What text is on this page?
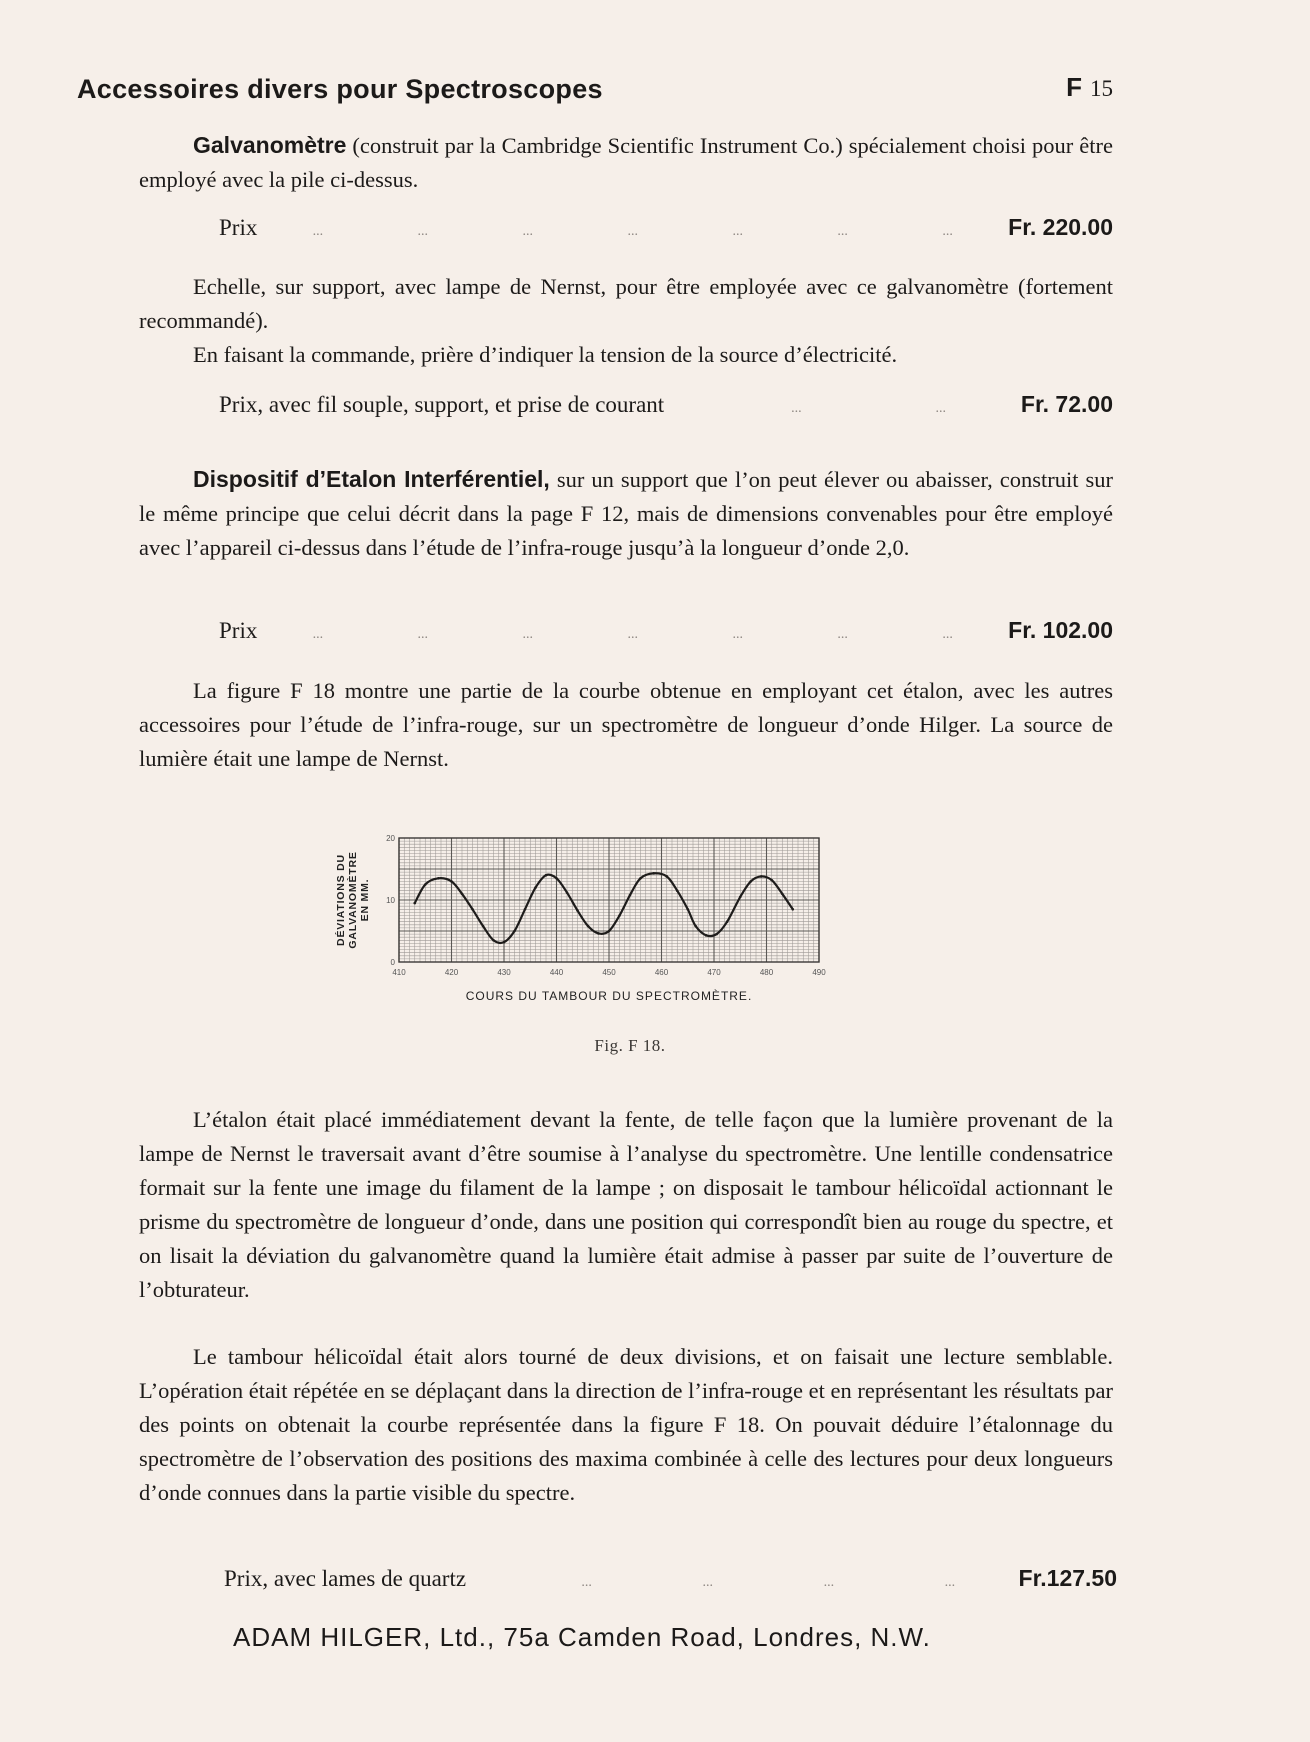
Accessoires divers pour Spectroscopes	F 15
Galvanomètre (construit par la Cambridge Scientific Instrument Co.) spécialement choisi pour être employé avec la pile ci-dessus.
Prix	...	...	...	...	...	...	... Fr. 220.00
Echelle, sur support, avec lampe de Nernst, pour être employée avec ce galvanomètre (fortement recommandé).
En faisant la commande, prière d’indiquer la tension de la source d’électricité.
Prix, avec fil souple, support, et prise de courant	...	...	Fr. 72.00
Dispositif d’Etalon Interférentiel, sur un support que l’on peut élever ou abaisser, construit sur le même principe que celui décrit dans la page F 12, mais de dimensions convenables pour être employé avec l’appareil ci-dessus dans l’étude de l’infra-rouge jusqu’à la longueur d’onde 2,0.
Prix	...	...	...	...	...	...	... Fr. 102.00
La figure F 18 montre une partie de la courbe obtenue en employant cet étalon, avec les autres accessoires pour l’étude de l’infra-rouge, sur un spectromètre de longueur d’onde Hilger. La source de lumière était une lampe de Nernst.
DÉVIATIONS DU GALVANOMÈTRE EN MM.
0
10
20
410	420	430	440	450	460	470	480	490
COURS DU TAMBOUR DU SPECTROMÈTRE.
Fig. F 18.
L’étalon était placé immédiatement devant la fente, de telle façon que la lumière provenant de la lampe de Nernst le traversait avant d’être soumise à l’analyse du spectromètre. Une lentille condensatrice formait sur la fente une image du filament de la lampe ; on disposait le tambour hélicoïdal actionnant le prisme du spectromètre de longueur d’onde, dans une position qui correspondît bien au rouge du spectre, et on lisait la déviation du galvanomètre quand la lumière était admise à passer par suite de l’ouverture de l’obturateur.
Le tambour hélicoïdal était alors tourné de deux divisions, et on faisait une lecture semblable. L’opération était répétée en se déplaçant dans la direction de l’infra-rouge et en représentant les résultats par des points on obtenait la courbe représentée dans la figure F 18. On pouvait déduire l’étalonnage du spectromètre de l’observation des positions des maxima combinée à celle des lectures pour deux longueurs d’onde connues dans la partie visible du spectre.
Prix, avec lames de quartz	...	...	...	...	Fr.127.50
ADAM HILGER, Ltd., 75a Camden Road, Londres, N.W.
